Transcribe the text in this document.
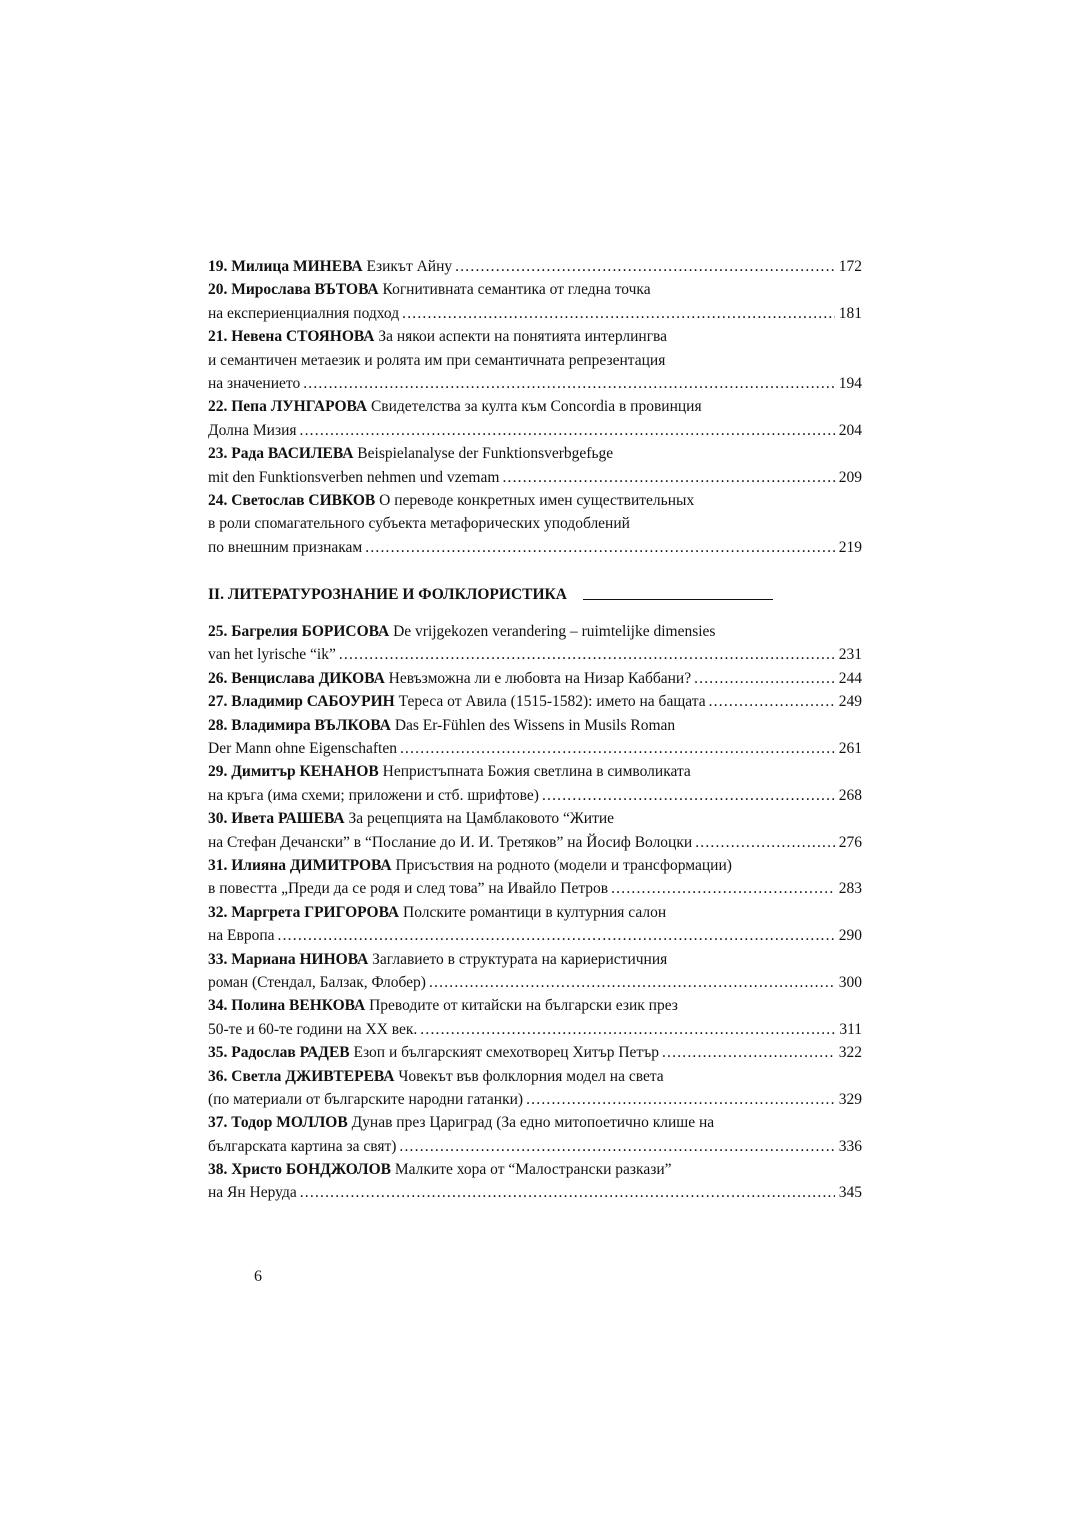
19. Милица МИНЕВА Езикът Айну .....	172
20. Мирослава ВЪТОВА Когнитивната семантика от гледна точка
на експериенциалния подход .....	181
21. Невена СТОЯНОВА За някои аспекти на понятията интерлингва
и семантичен метаезик и ролята им при семантичната репрезентация
на значението .....	194
22. Пепа ЛУНГАРОВА Свидетелства за култа към Concordia в провинция
Долна Мизия .....	204
23. Рада ВАСИЛЕВА Beispielanalyse der Funktionsverbgefьge
mit den Funktionsverben nehmen und vzemam .....	209
24. Светослав СИВКОВ О переводе конкретных имен существительных
в роли спомагательного субъекта метафорических уподоблений
по внешним признакам .....	219
II. ЛИТЕРАТУРОЗНАНИЕ И ФОЛКЛОРИСТИКА
25. Багрелия БОРИСОВА De vrijgekozen verandering – ruimtelijke dimensies
van het lyrische “ik” .....	231
26. Венцислава ДИКОВА Невъзможна ли е любовта на Низар Каббани? .....	244
27. Владимир САБОУРИН Тереса от Авила (1515-1582): името на бащата .....	249
28. Владимира ВЪЛКОВА Das Er-Fühlen des Wissens in Musils Roman
Der Mann ohne Eigenschaften .....	261
29. Димитър КЕНАНОВ Непристъпната Божия светлина в символиката
на кръга (има схеми; приложени и стб. шрифтове) .....	268
30. Ивета РАШЕВА За рецепцията на Цамблаковото “Житие
на Стефан Дечански” в “Послание до И. И. Третяков” на Йосиф Волоцки .....	276
31. Илияна ДИМИТРОВА Присъствия на родното (модели и трансформации)
в повестта „Преди да се родя и след това” на Ивайло Петров .....	283
32. Маргрета ГРИГОРОВА Полските романтици в културния салон
на Европа .....	290
33. Мариана НИНОВА Заглавието в структурата на кариеристичния
роман (Стендал, Балзак, Флобер) .....	300
34. Полина ВЕНКОВА Преводите от китайски на български език през
50-те и 60-те години на XX век. .....	311
35. Радослав РАДЕВ Езоп и българският смехотворец Хитър Петър .....	322
36. Светла ДЖИВТЕРЕВА Човекът във фолклорния модел на света
(по материали от българските народни гатанки) .....	329
37. Тодор МОЛЛОВ Дунав през Цариград (За едно митопоетично клише на
българската картина за свят) .....	336
38. Христо БОНДЖОЛОВ Малките хора от “Малострански разкази”
на Ян Неруда .....	345
6
